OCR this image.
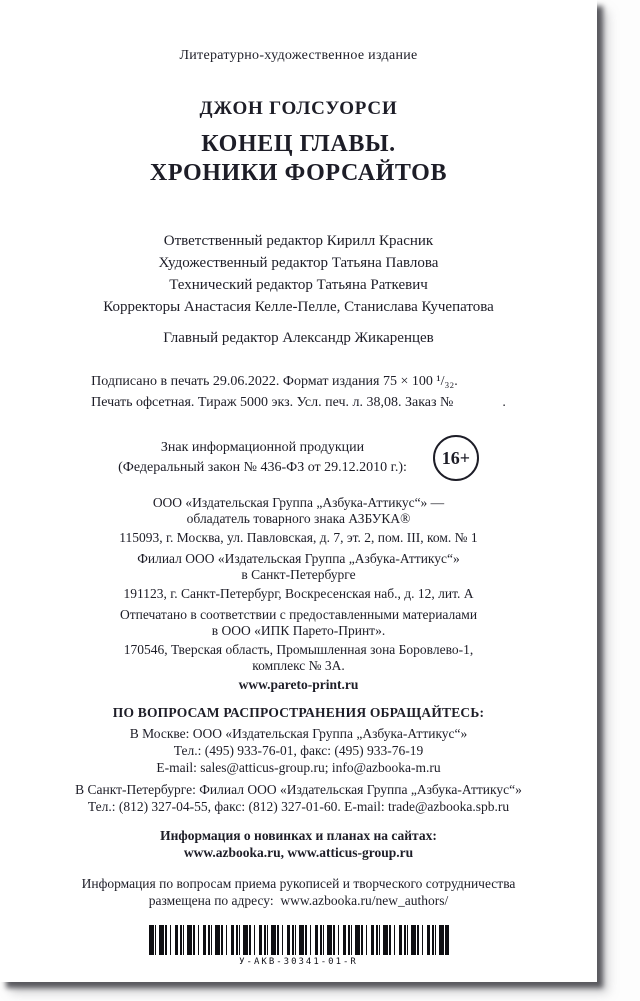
Литературно-художественное издание
ДЖОН ГОЛСУОРСИ
КОНЕЦ ГЛАВЫ.
ХРОНИКИ ФОРСАЙТОВ
Ответственный редактор Кирилл Красник
Художественный редактор Татьяна Павлова
Технический редактор Татьяна Раткевич
Корректоры Анастасия Келле-Пелле, Станислава Кучепатова
Главный редактор Александр Жикаренцев
Подписано в печать 29.06.2022. Формат издания 75 × 100 ¹/₃₂.
Печать офсетная. Тираж 5000 экз. Усл. печ. л. 38,08. Заказ №              .
Знак информационной продукции
(Федеральный закон № 436-ФЗ от 29.12.2010 г.):	16+
ООО «Издательская Группа „Азбука-Аттикус“» —
обладатель товарного знака АЗБУКА®
115093, г. Москва, ул. Павловская, д. 7, эт. 2, пом. III, ком. № 1
Филиал ООО «Издательская Группа „Азбука-Аттикус“»
в Санкт-Петербурге
191123, г. Санкт-Петербург, Воскресенская наб., д. 12, лит. А
Отпечатано в соответствии с предоставленными материалами
в ООО «ИПК Парето-Принт».
170546, Тверская область, Промышленная зона Боровлево-1,
комплекс № 3А.
www.pareto-print.ru
ПО ВОПРОСАМ РАСПРОСТРАНЕНИЯ ОБРАЩАЙТЕСЬ:
В Москве: ООО «Издательская Группа „Азбука-Аттикус“»
Тел.: (495) 933-76-01, факс: (495) 933-76-19
E-mail: sales@atticus-group.ru; info@azbooka-m.ru
В Санкт-Петербурге: Филиал ООО «Издательская Группа „Азбука-Аттикус“»
Тел.: (812) 327-04-55, факс: (812) 327-01-60. E-mail: trade@azbooka.spb.ru
Информация о новинках и планах на сайтах:
www.azbooka.ru, www.atticus-group.ru
Информация по вопросам приема рукописей и творческого сотрудничества
размещена по адресу:  www.azbooka.ru/new_authors/
У-АКВ-30341-01-R
